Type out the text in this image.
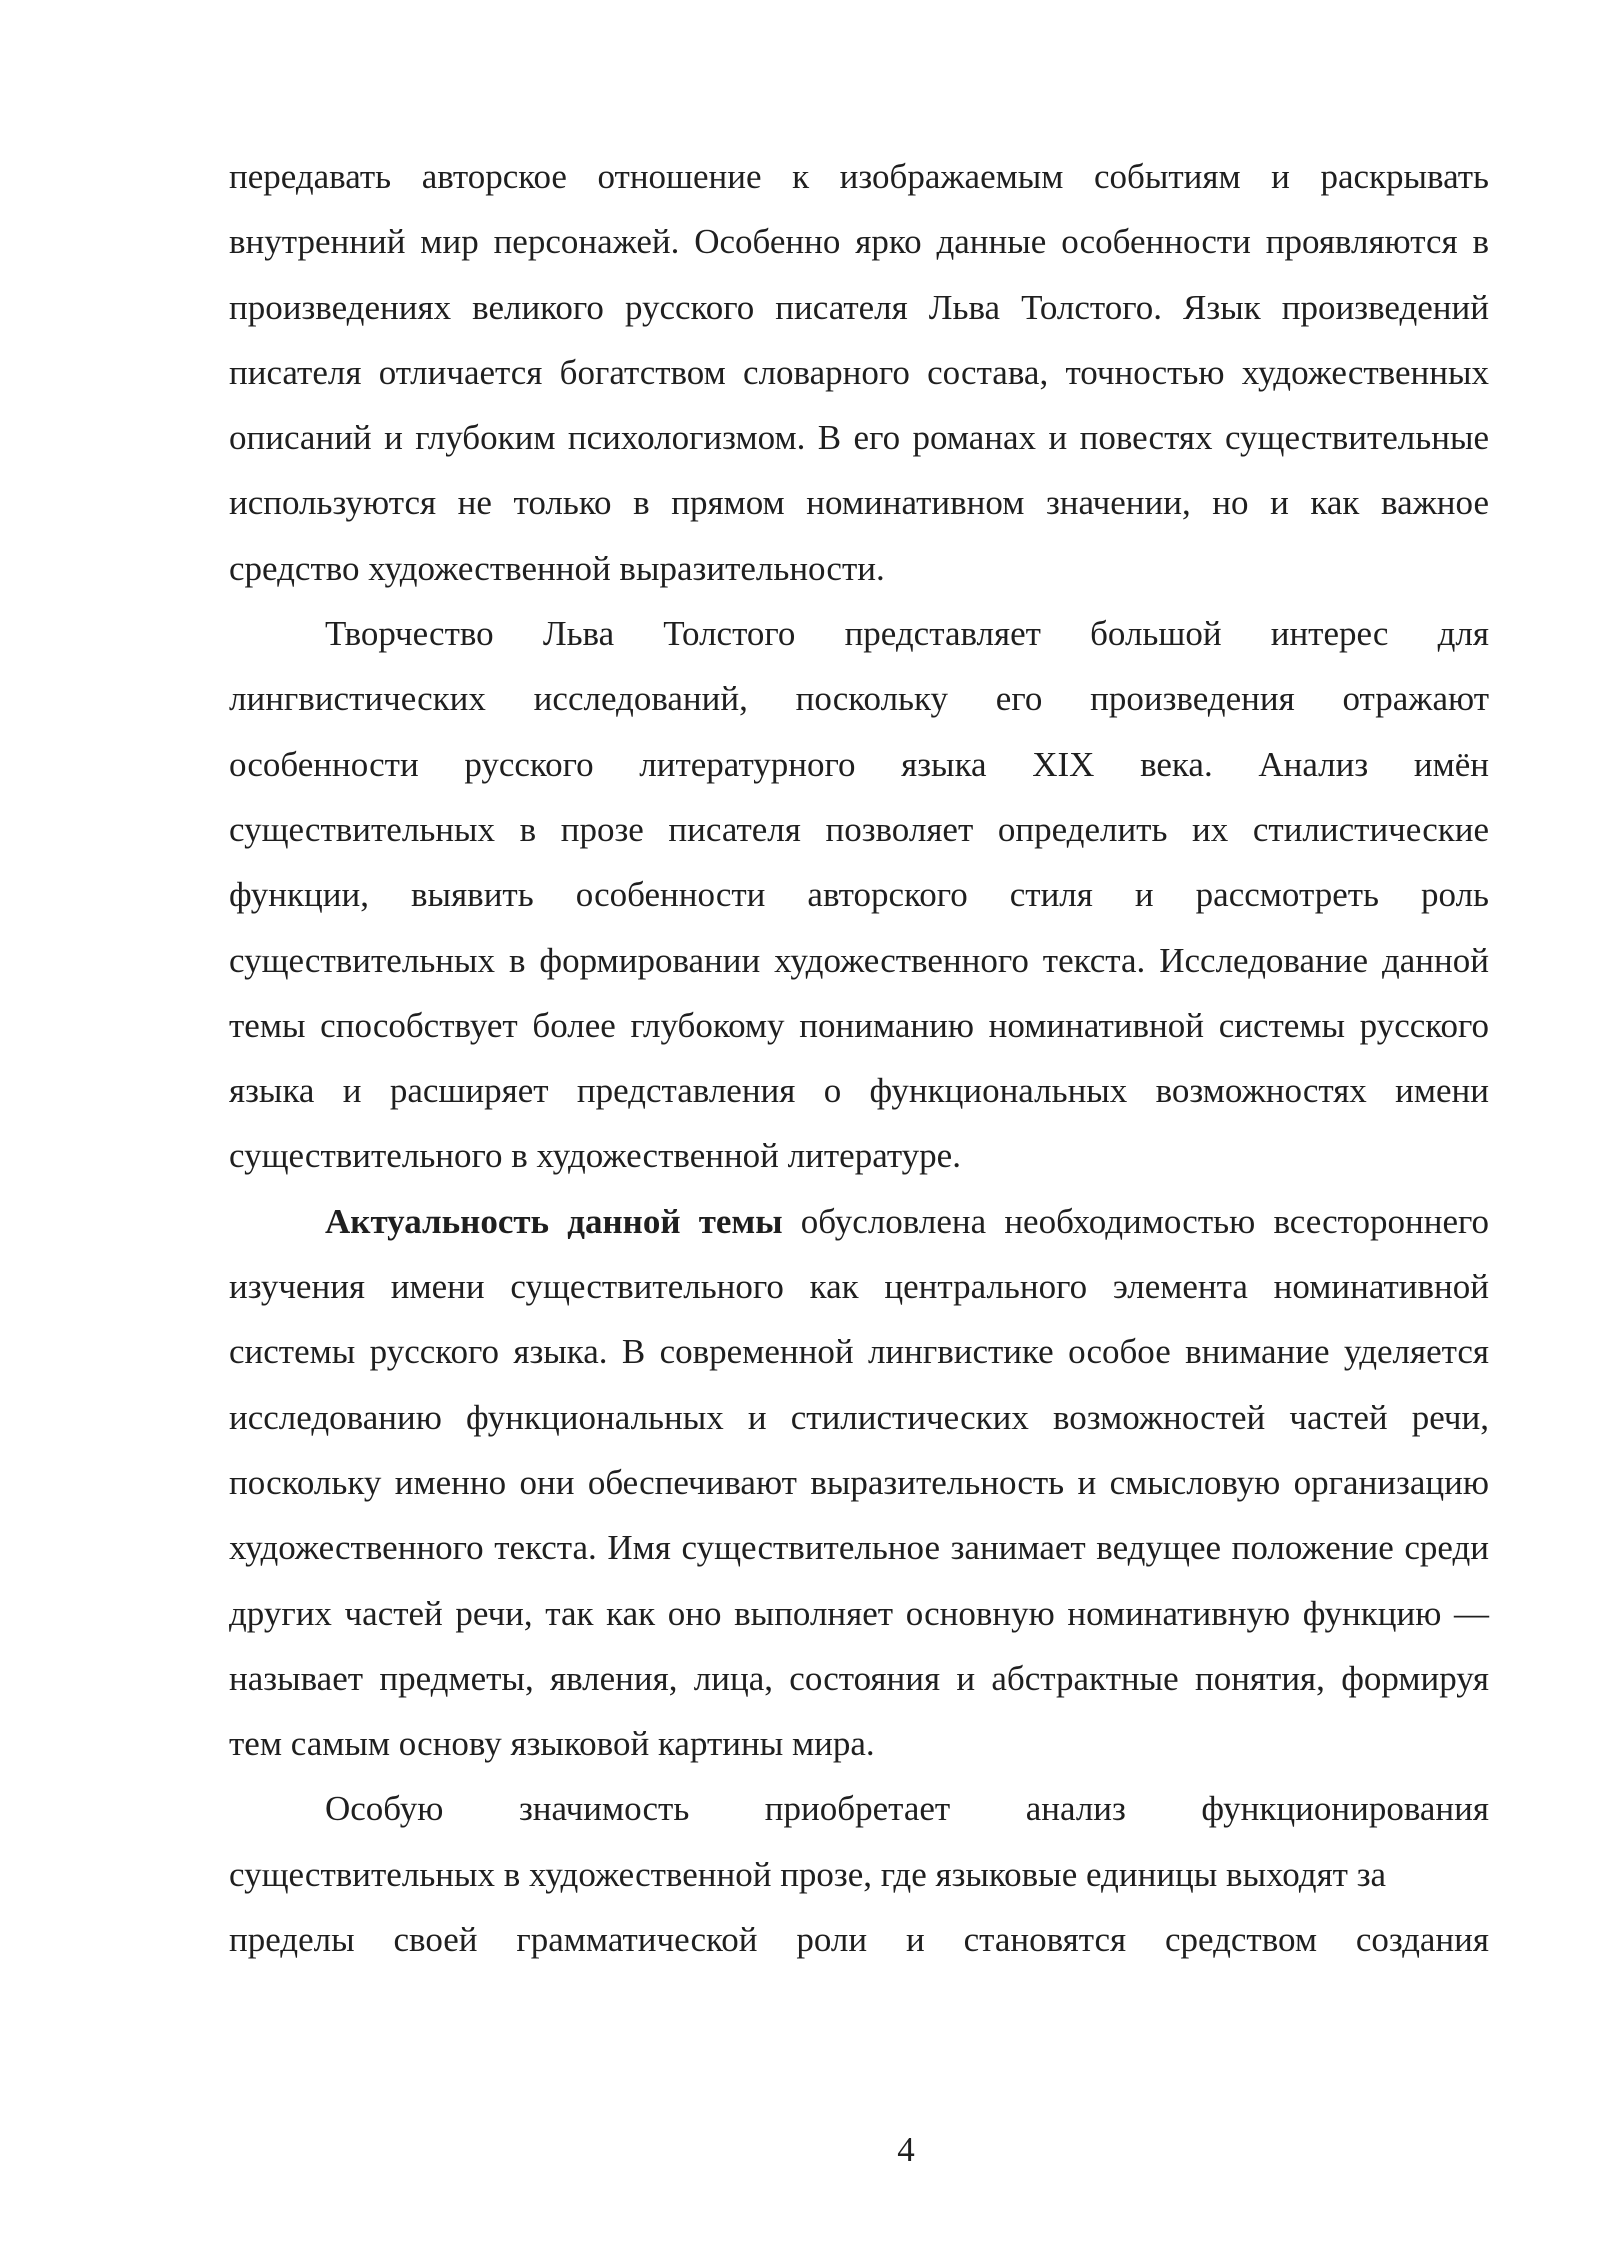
передавать авторское отношение к изображаемым событиям и раскрывать внутренний мир персонажей. Особенно ярко данные особенности проявляются в произведениях великого русского писателя Льва Толстого. Язык произведений писателя отличается богатством словарного состава, точностью художественных описаний и глубоким психологизмом. В его романах и повестях существительные используются не только в прямом номинативном значении, но и как важное средство художественной выразительности.

Творчество Льва Толстого представляет большой интерес для лингвистических исследований, поскольку его произведения отражают особенности русского литературного языка XIX века. Анализ имён существительных в прозе писателя позволяет определить их стилистические функции, выявить особенности авторского стиля и рассмотреть роль существительных в формировании художественного текста. Исследование данной темы способствует более глубокому пониманию номинативной системы русского языка и расширяет представления о функциональных возможностях имени существительного в художественной литературе.

Актуальность данной темы обусловлена необходимостью всестороннего изучения имени существительного как центрального элемента номинативной системы русского языка. В современной лингвистике особое внимание уделяется исследованию функциональных и стилистических возможностей частей речи, поскольку именно они обеспечивают выразительность и смысловую организацию художественного текста. Имя существительное занимает ведущее положение среди других частей речи, так как оно выполняет основную номинативную функцию — называет предметы, явления, лица, состояния и абстрактные понятия, формируя тем самым основу языковой картины мира.

Особую значимость приобретает анализ функционирования существительных в художественной прозе, где языковые единицы выходят за

пределы своей грамматической роли и становятся средством создания

4
